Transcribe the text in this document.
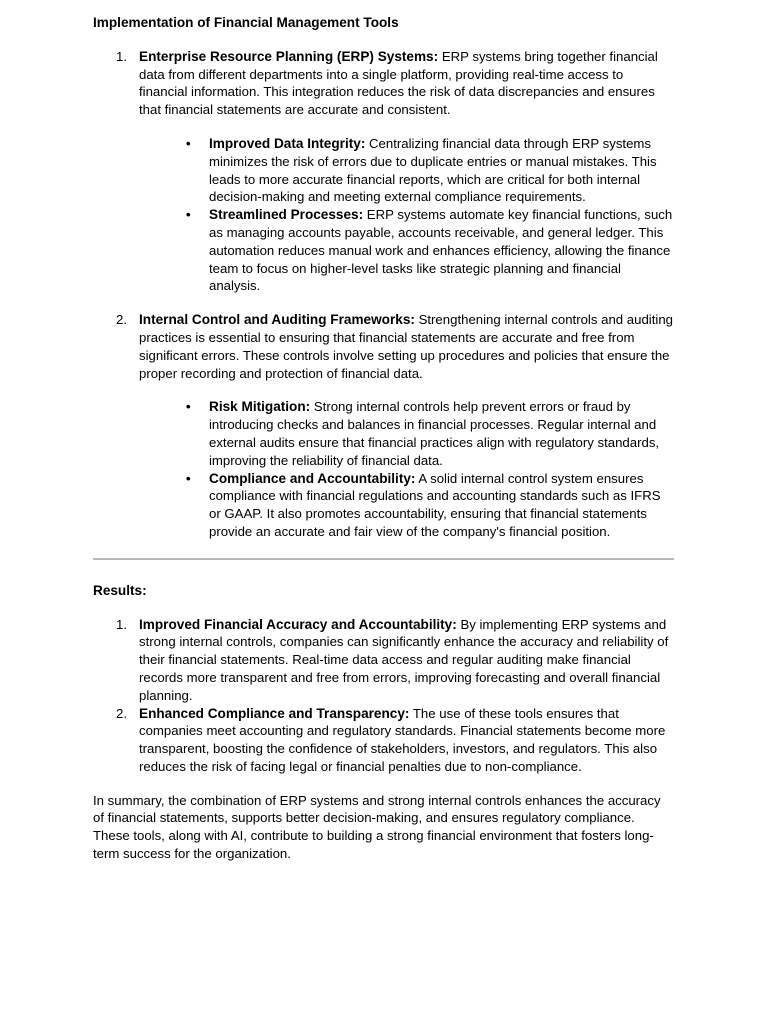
Implementation of Financial Management Tools
1. Enterprise Resource Planning (ERP) Systems: ERP systems bring together financial data from different departments into a single platform, providing real-time access to financial information. This integration reduces the risk of data discrepancies and ensures that financial statements are accurate and consistent.
• Improved Data Integrity: Centralizing financial data through ERP systems minimizes the risk of errors due to duplicate entries or manual mistakes. This leads to more accurate financial reports, which are critical for both internal decision-making and meeting external compliance requirements.
• Streamlined Processes: ERP systems automate key financial functions, such as managing accounts payable, accounts receivable, and general ledger. This automation reduces manual work and enhances efficiency, allowing the finance team to focus on higher-level tasks like strategic planning and financial analysis.
2. Internal Control and Auditing Frameworks: Strengthening internal controls and auditing practices is essential to ensuring that financial statements are accurate and free from significant errors. These controls involve setting up procedures and policies that ensure the proper recording and protection of financial data.
• Risk Mitigation: Strong internal controls help prevent errors or fraud by introducing checks and balances in financial processes. Regular internal and external audits ensure that financial practices align with regulatory standards, improving the reliability of financial data.
• Compliance and Accountability: A solid internal control system ensures compliance with financial regulations and accounting standards such as IFRS or GAAP. It also promotes accountability, ensuring that financial statements provide an accurate and fair view of the company's financial position.
Results:
1. Improved Financial Accuracy and Accountability: By implementing ERP systems and strong internal controls, companies can significantly enhance the accuracy and reliability of their financial statements. Real-time data access and regular auditing make financial records more transparent and free from errors, improving forecasting and overall financial planning.
2. Enhanced Compliance and Transparency: The use of these tools ensures that companies meet accounting and regulatory standards. Financial statements become more transparent, boosting the confidence of stakeholders, investors, and regulators. This also reduces the risk of facing legal or financial penalties due to non-compliance.

In summary, the combination of ERP systems and strong internal controls enhances the accuracy of financial statements, supports better decision-making, and ensures regulatory compliance. These tools, along with AI, contribute to building a strong financial environment that fosters long-term success for the organization.
